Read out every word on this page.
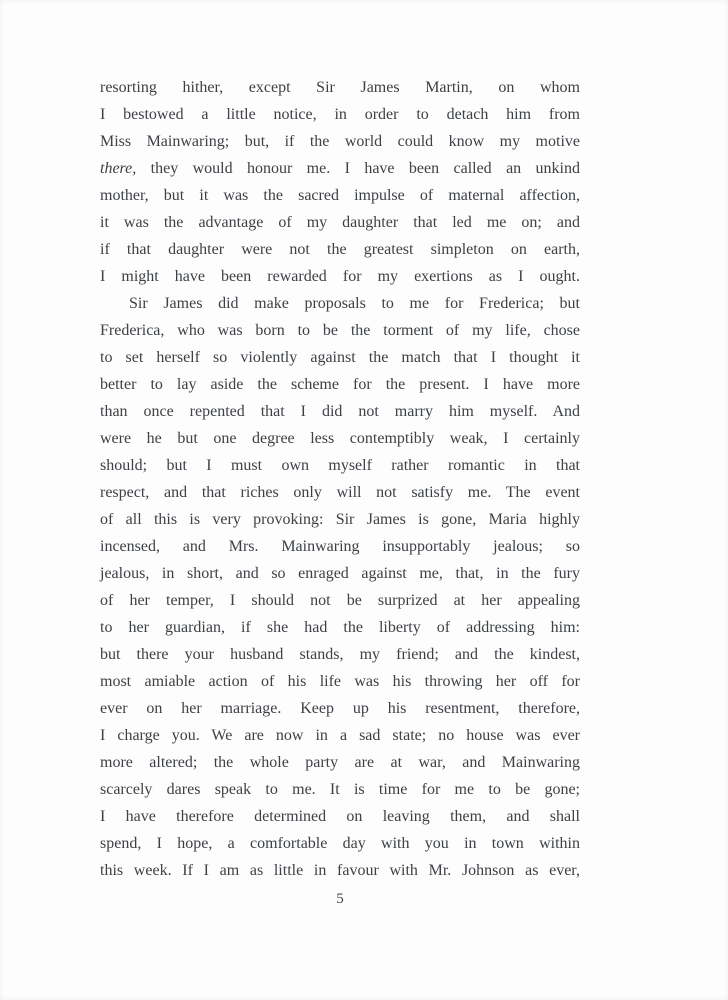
resorting hither, except Sir James Martin, on whom
I bestowed a little notice, in order to detach him from
Miss Mainwaring; but, if the world could know my motive
there, they would honour me. I have been called an unkind
mother, but it was the sacred impulse of maternal affection,
it was the advantage of my daughter that led me on; and
if that daughter were not the greatest simpleton on earth,
I might have been rewarded for my exertions as I ought.
Sir James did make proposals to me for Frederica; but
Frederica, who was born to be the torment of my life, chose
to set herself so violently against the match that I thought it
better to lay aside the scheme for the present. I have more
than once repented that I did not marry him myself. And
were he but one degree less contemptibly weak, I certainly
should; but I must own myself rather romantic in that
respect, and that riches only will not satisfy me. The event
of all this is very provoking: Sir James is gone, Maria highly
incensed, and Mrs. Mainwaring insupportably jealous; so
jealous, in short, and so enraged against me, that, in the fury
of her temper, I should not be surprized at her appealing
to her guardian, if she had the liberty of addressing him:
but there your husband stands, my friend; and the kindest,
most amiable action of his life was his throwing her off for
ever on her marriage. Keep up his resentment, therefore,
I charge you. We are now in a sad state; no house was ever
more altered; the whole party are at war, and Mainwaring
scarcely dares speak to me. It is time for me to be gone;
I have therefore determined on leaving them, and shall
spend, I hope, a comfortable day with you in town within
this week. If I am as little in favour with Mr. Johnson as ever,
5
